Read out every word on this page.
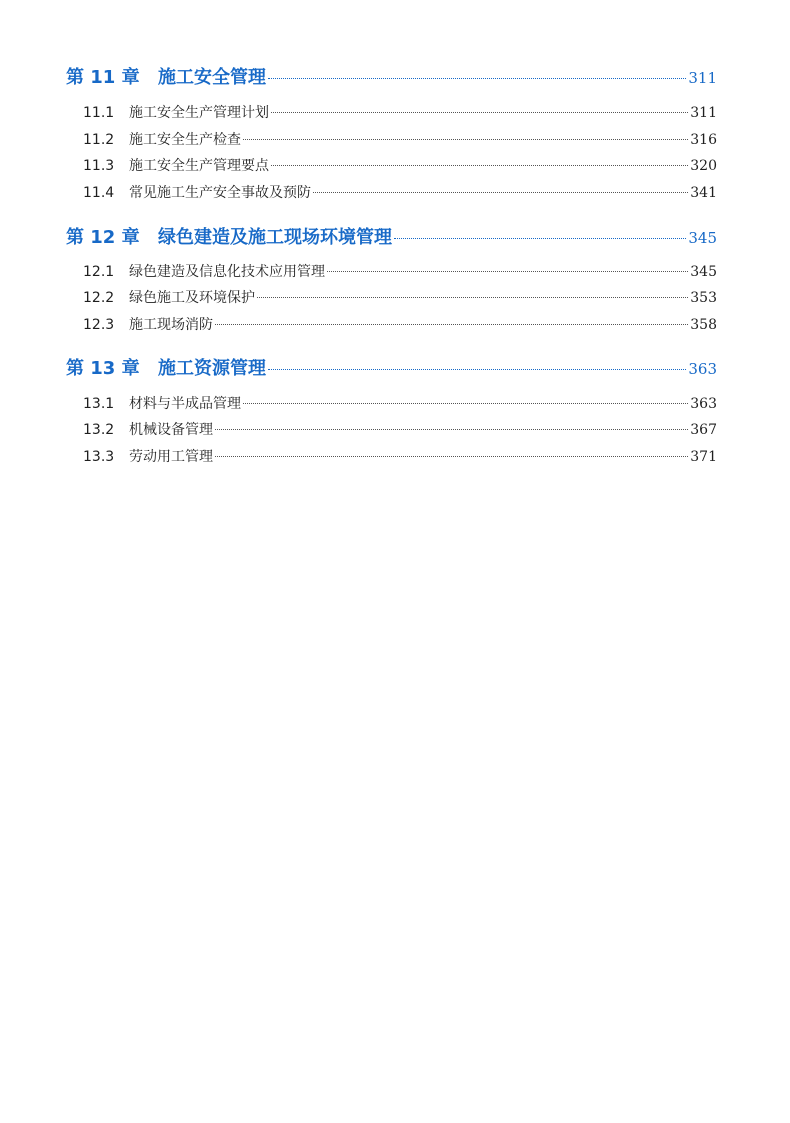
第 11 章	施工安全管理	311
11.1	施工安全生产管理计划	311
11.2	施工安全生产检查	316
11.3	施工安全生产管理要点	320
11.4	常见施工生产安全事故及预防	341
第 12 章	绿色建造及施工现场环境管理	345
12.1	绿色建造及信息化技术应用管理	345
12.2	绿色施工及环境保护	353
12.3	施工现场消防	358
第 13 章	施工资源管理	363
13.1	材料与半成品管理	363
13.2	机械设备管理	367
13.3	劳动用工管理	371
